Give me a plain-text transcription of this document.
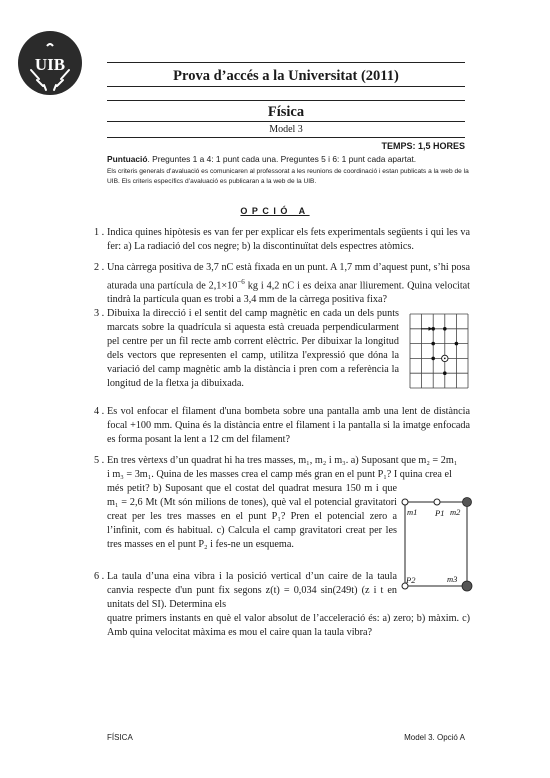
UIB
Prova d’accés a la Universitat (2011)
Física
Model 3
TEMPS: 1,5 HORES
Puntuació. Preguntes 1 a 4: 1 punt cada una. Preguntes 5 i 6: 1 punt cada apartat.
Els criteris generals d’avaluació es comunicaren al professorat a les reunions de coordinació i estan publicats a la web de la UIB. Els criteris específics d’avaluació es publicaran a la web de la UIB.
OPCIÓ A
1 . Indica quines hipòtesis es van fer per explicar els fets experimentals següents i qui les va fer: a) La radiació del cos negre; b) la discontinuïtat dels espectres atòmics.
2 . Una càrrega positiva de 3,7 nC està fixada en un punt. A 1,7 mm d’aquest punt, s’hi posa aturada una partícula de $2,1\times 10^{-6}$ kg i 4,2 nC i es deixa anar lliurement. Quina velocitat tindrà la partícula quan es trobi a 3,4 mm de la càrrega positiva fixa?
3 . Dibuixa la direcció i el sentit del camp magnètic en cada un dels punts marcats sobre la quadrícula si aquesta està creuada perpendicularment pel centre per un fil recte amb corrent elèctric. Per dibuixar la longitud dels vectors que representen el camp, utilitza l'expressió que dóna la variació del camp magnètic amb la distància i pren com a referència la longitud de la fletxa ja dibuixada.
4 . Es vol enfocar el filament d'una bombeta sobre una pantalla amb una lent de distància focal +100 mm. Quina és la distància entre el filament i la pantalla si la imatge enfocada es forma posant la lent a 12 cm del filament?
5 . En tres vèrtexs d’un quadrat hi ha tres masses, m₁, m₂ i m₃. a) Suposant que m₂ = 2m₁
i m₃ = 3m₁. Quina de les masses crea el camp més gran en el punt P₁? I quina crea el
més petit? b) Suposant que el costat del quadrat mesura 150 m i que m₁ = 2,6 Mt (Mt són milions de tones), què val el potencial gravitatori creat per les tres masses en el punt P₁? Pren el potencial zero a l’infinit, com és habitual. c) Calcula el camp gravitatori creat per les tres masses en el punt P₂ i fes-ne un esquema.
m1 P1 m2
P2	m3
6 . La taula d’una eina vibra i la posició vertical d’un caire de la taula canvia respecte d'un punt fix segons z(t) = 0,034 sin(249t) (z i t en unitats del SI). Determina els
quatre primers instants en què el valor absolut de l’acceleració és: a) zero; b) màxim. c) Amb quina velocitat màxima es mou el caire quan la taula vibra?
FÍSICA	Model 3. Opció A
